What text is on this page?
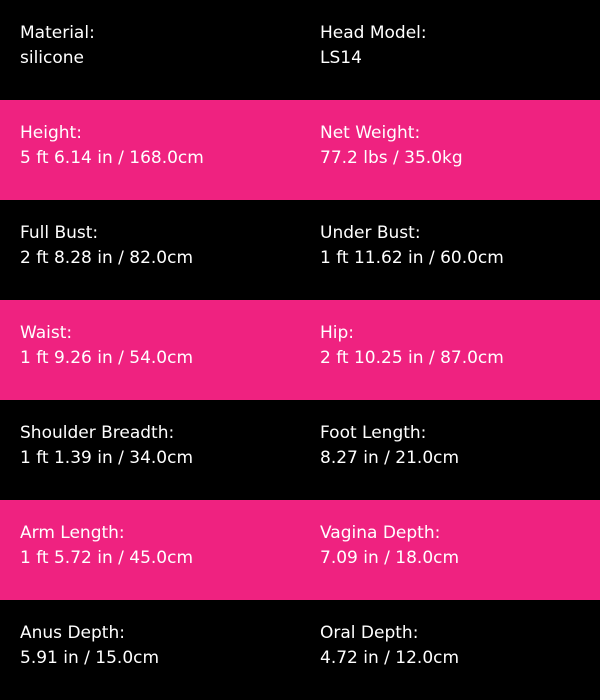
Material:
silicone
Head Model:
LS14
Height:
5 ft 6.14 in / 168.0cm
Net Weight:
77.2 lbs / 35.0kg
Full Bust:
2 ft 8.28 in / 82.0cm
Under Bust:
1 ft 11.62 in / 60.0cm
Waist:
1 ft 9.26 in / 54.0cm
Hip:
2 ft 10.25 in / 87.0cm
Shoulder Breadth:
1 ft 1.39 in / 34.0cm
Foot Length:
8.27 in / 21.0cm
Arm Length:
1 ft 5.72 in / 45.0cm
Vagina Depth:
7.09 in / 18.0cm
Anus Depth:
5.91 in / 15.0cm
Oral Depth:
4.72 in / 12.0cm
